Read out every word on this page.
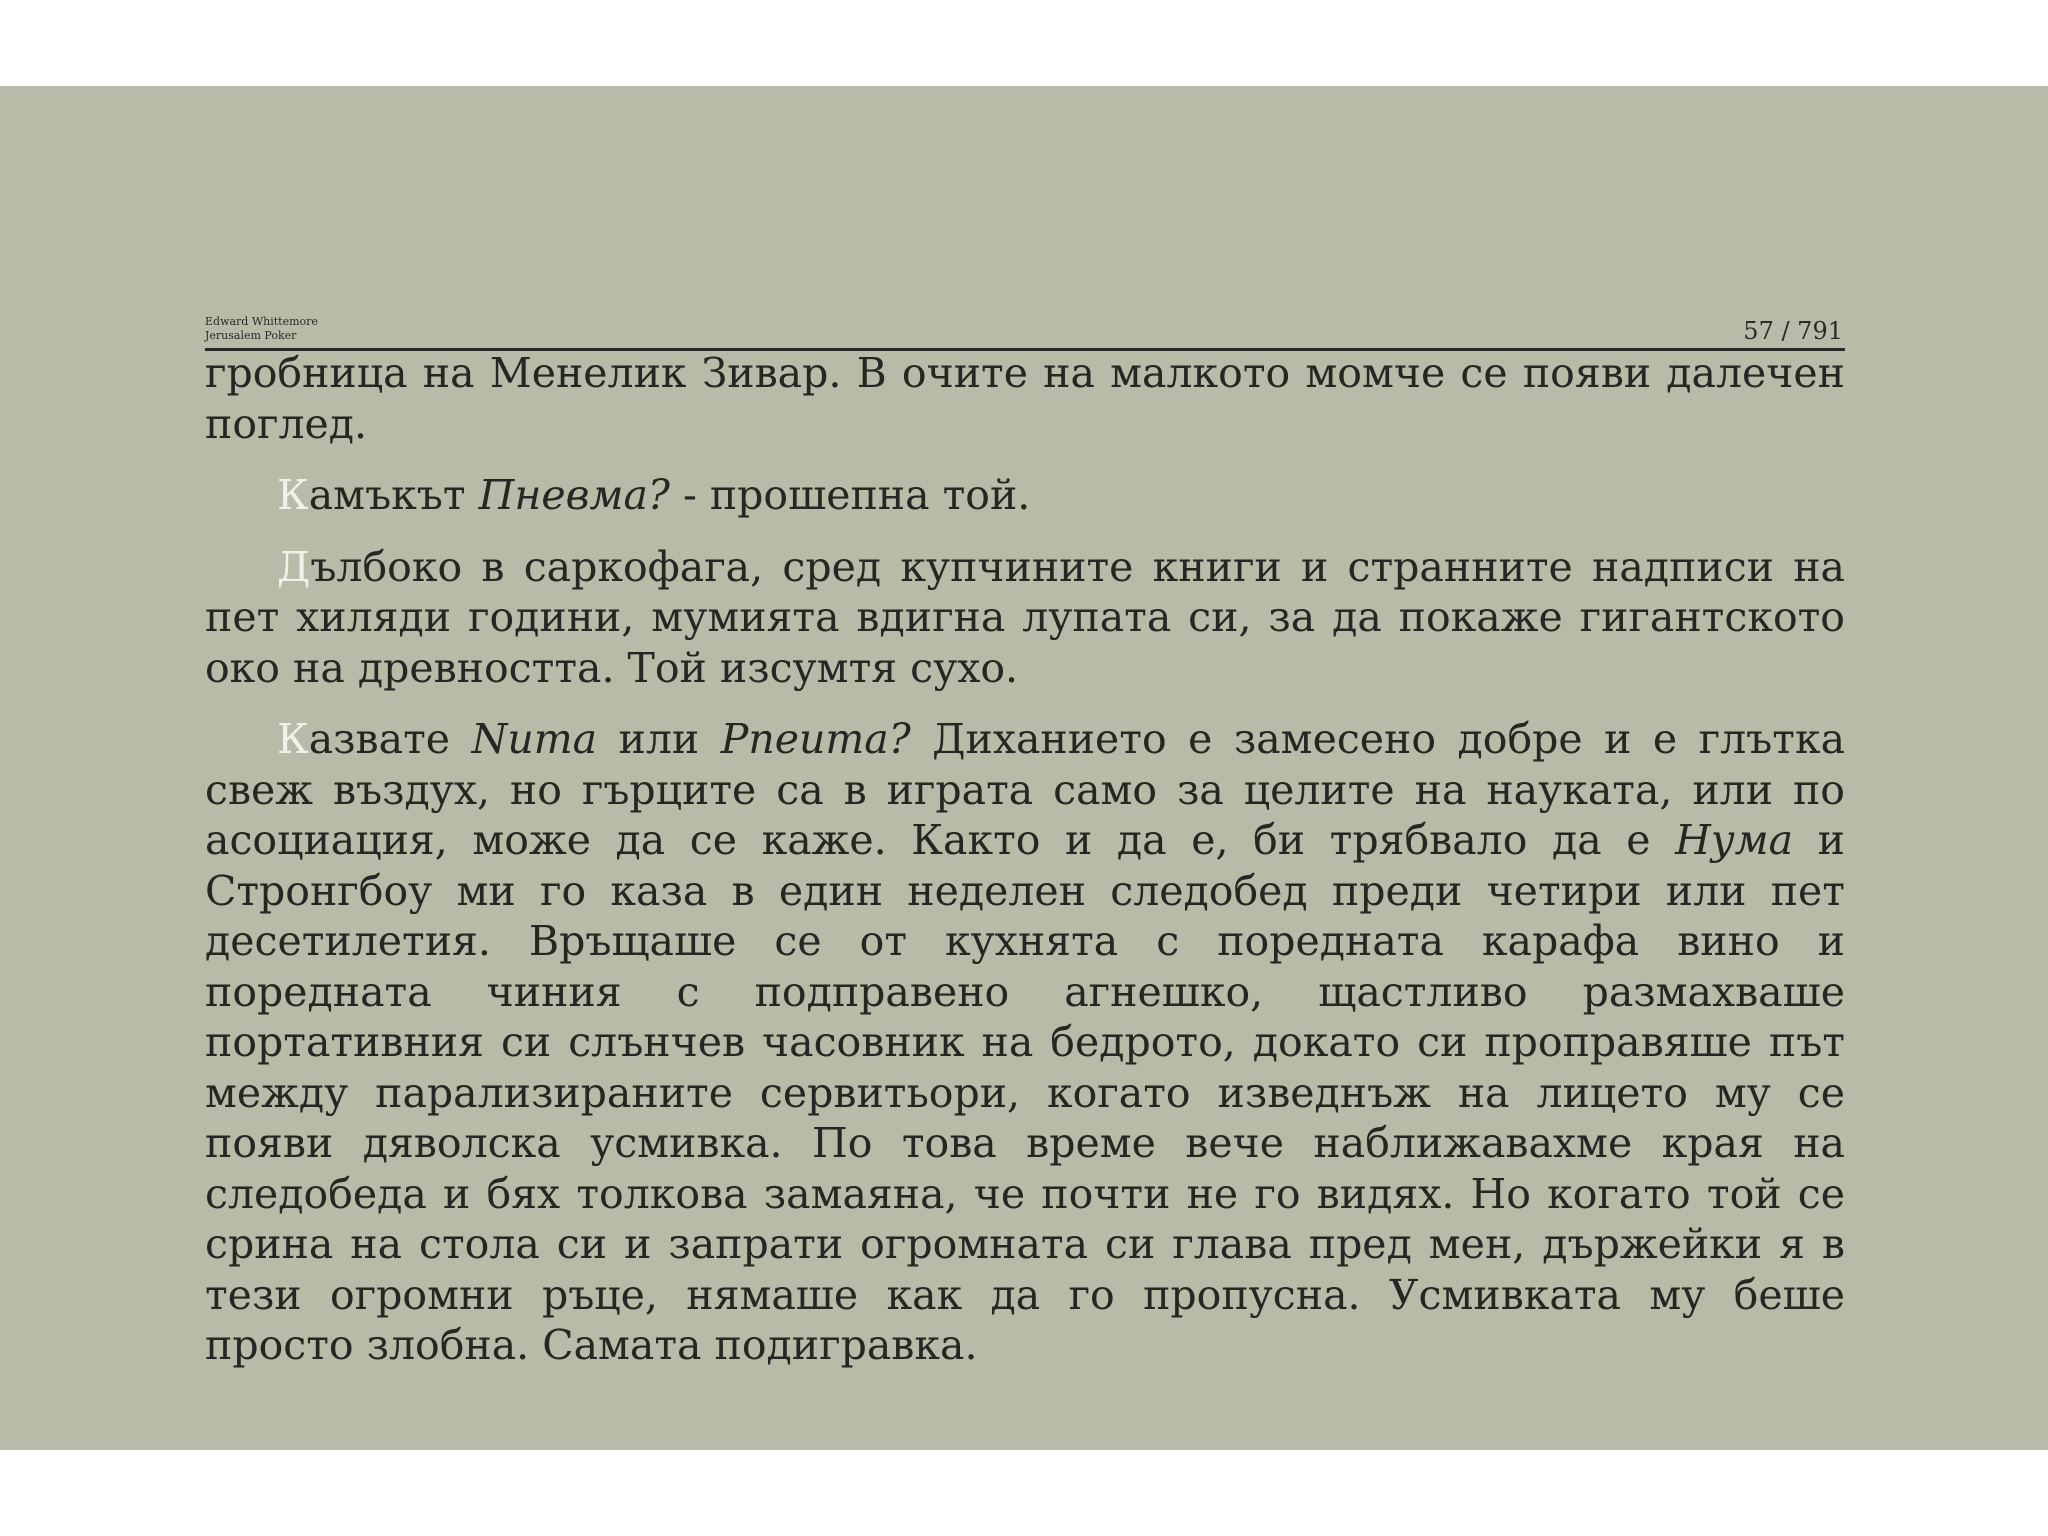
Edward Whittemore
Jerusalem Poker	57 / 791

гробница на Менелик Зивар. В очите на малкото момче се появи далечен поглед.

Камъкът Пневма? - прошепна той.

Дълбоко в саркофага, сред купчините книги и странните надписи на пет хиляди години, мумията вдигна лупата си, за да покаже гигантското око на древността. Той изсумтя сухо.

Казвате Numa или Pneuma? Диханието е замесено добре и е глътка свеж въздух, но гърците са в играта само за целите на науката, или по асоциация, може да се каже. Както и да е, би трябвало да е Нума и Стронгбоу ми го каза в един неделен следобед преди четири или пет десетилетия. Връщаше се от кухнята с поредната карафа вино и поредната чиния с подправено агнешко, щастливо размахваше портативния си слънчев часовник на бедрото, докато си проправяше път между парализираните сервитьори, когато изведнъж на лицето му се появи дяволска усмивка. По това време вече наближавахме края на следобеда и бях толкова замаяна, че почти не го видях. Но когато той се срина на стола си и запрати огромната си глава пред мен, държейки я в тези огромни ръце, нямаше как да го пропусна. Усмивката му беше просто злобна. Самата подигравка.
